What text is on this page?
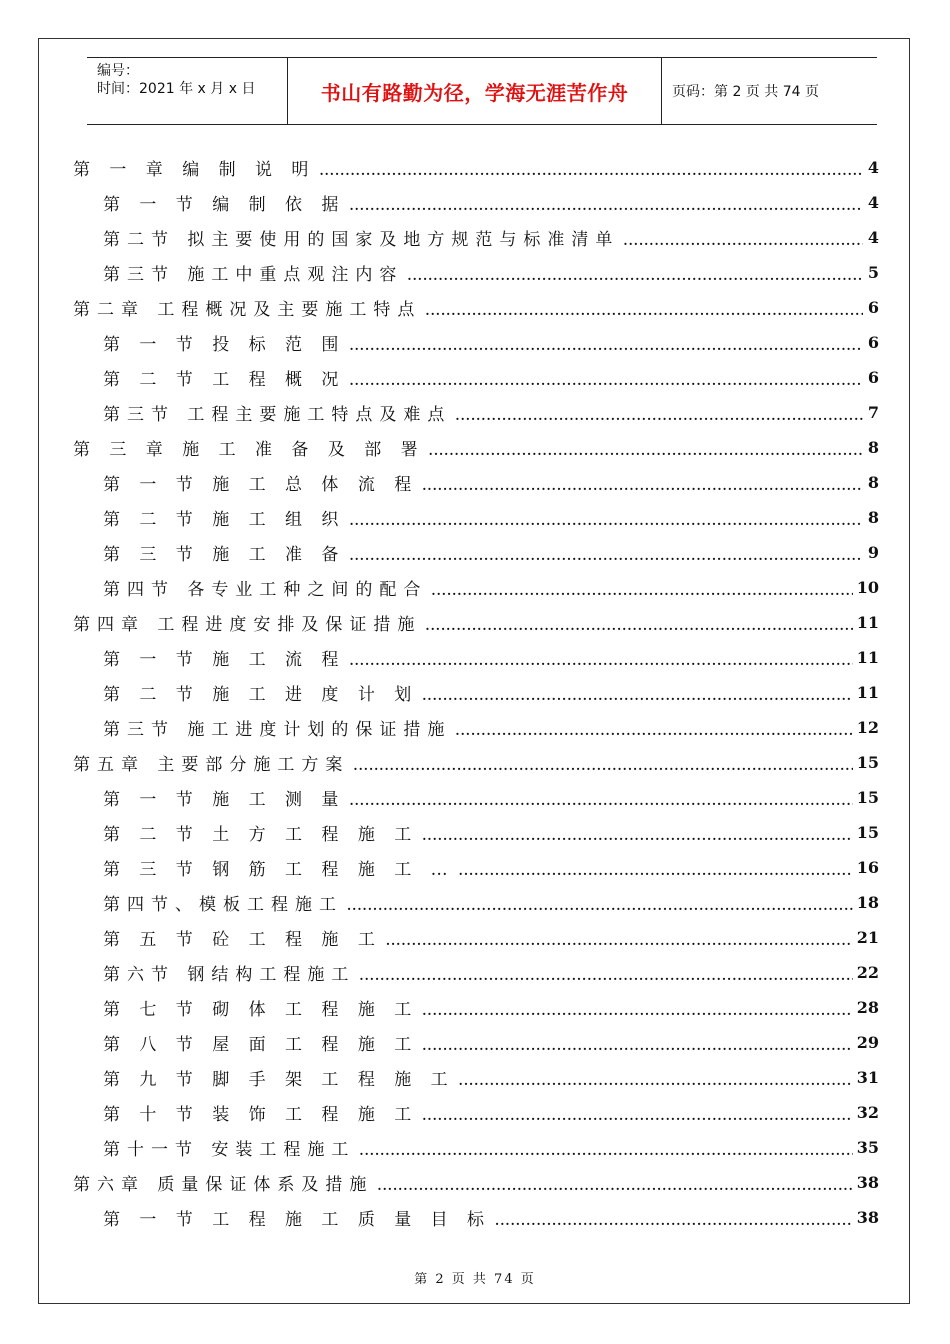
编号：
时间：2021 年 x 月 x 日	书山有路勤为径，学海无涯苦作舟	页码：第 2 页 共 74 页
第 一 章 编 制 说 明 .....	4
第 一 节 编 制 依 据 .....	4
第二节 拟主要使用的国家及地方规范与标准清单 .....	4
第三节 施工中重点观注内容 .....	5
第二章 工程概况及主要施工特点 .....	6
第 一 节 投 标 范 围 .....	6
第 二 节 工 程 概 况 .....	6
第三节 工程主要施工特点及难点 .....	7
第 三 章 施 工 准 备 及 部 署 .....	8
第 一 节 施 工 总 体 流 程 .....	8
第 二 节 施 工 组 织 .....	8
第 三 节 施 工 准 备 .....	9
第四节 各专业工种之间的配合 .....	10
第四章 工程进度安排及保证措施 .....	11
第 一 节 施 工 流 程 .....	11
第 二 节 施 工 进 度 计 划 .....	11
第三节 施工进度计划的保证措施 .....	12
第五章 主要部分施工方案 .....	15
第 一 节 施 工 测 量 .....	15
第 二 节 土 方 工 程 施 工 .....	15
第 三 节 钢 筋 工 程 施 工 … .....	16
第四节、模板工程施工 .....	18
第 五 节 砼 工 程 施 工 .....	21
第六节 钢结构工程施工 .....	22
第 七 节 砌 体 工 程 施 工 .....	28
第 八 节 屋 面 工 程 施 工 .....	29
第 九 节 脚 手 架 工 程 施 工 .....	31
第 十 节 装 饰 工 程 施 工 .....	32
第十一节 安装工程施工 .....	35
第六章 质量保证体系及措施 .....	38
第 一 节 工 程 施 工 质 量 目 标 .....	38
第 2 页 共 74 页
